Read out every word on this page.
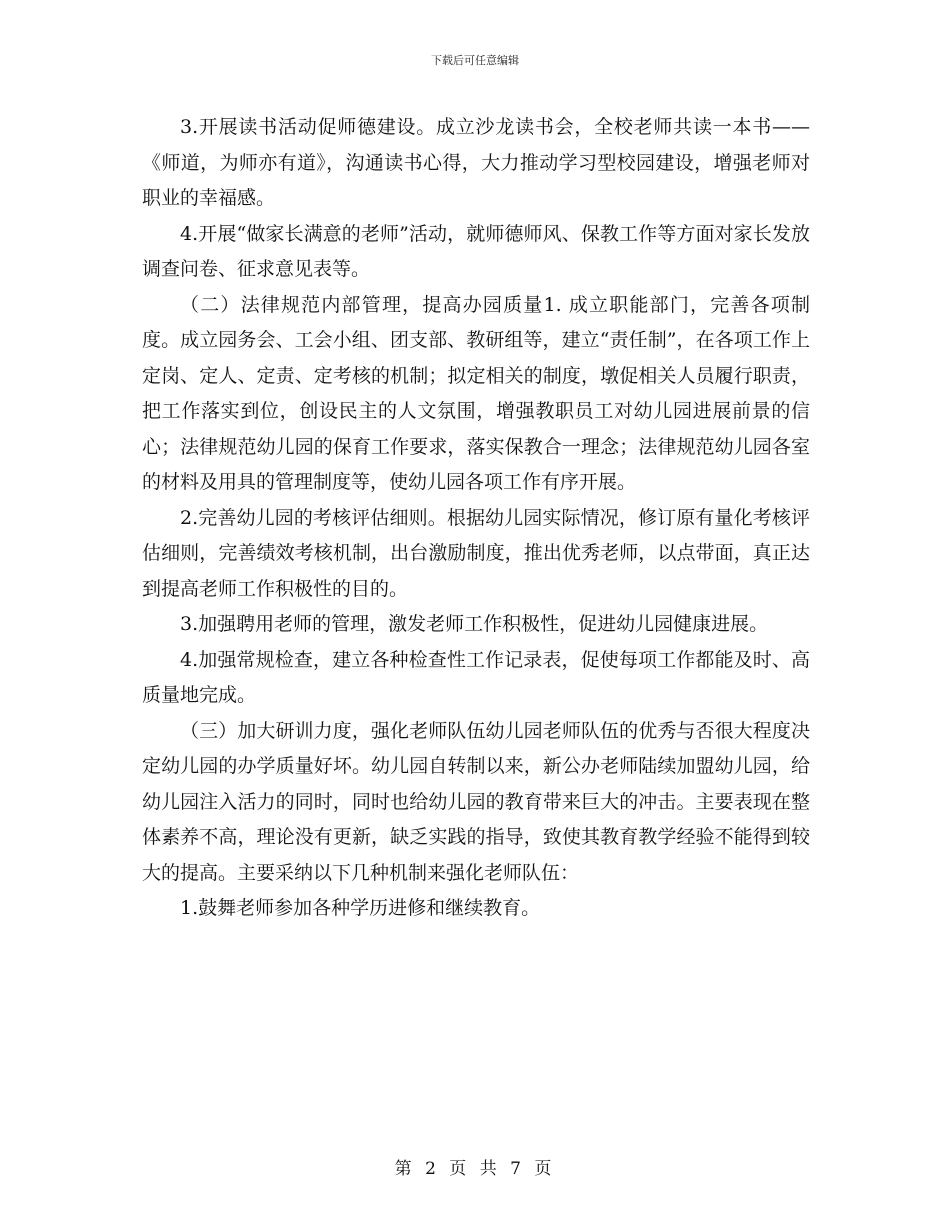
下载后可任意编辑

3.开展读书活动促师德建设。成立沙龙读书会，全校老师共读一本书——《师道，为师亦有道》，沟通读书心得，大力推动学习型校园建设，增强老师对职业的幸福感。

4.开展“做家长满意的老师”活动，就师德师风、保教工作等方面对家长发放调查问卷、征求意见表等。

（二）法律规范内部管理，提高办园质量1. 成立职能部门，完善各项制度。成立园务会、工会小组、团支部、教研组等，建立“责任制”，在各项工作上定岗、定人、定责、定考核的机制；拟定相关的制度，墩促相关人员履行职责，把工作落实到位，创设民主的人文氛围，增强教职员工对幼儿园进展前景的信心；法律规范幼儿园的保育工作要求，落实保教合一理念；法律规范幼儿园各室的材料及用具的管理制度等，使幼儿园各项工作有序开展。

2.完善幼儿园的考核评估细则。根据幼儿园实际情况，修订原有量化考核评估细则，完善绩效考核机制，出台激励制度，推出优秀老师，以点带面，真正达到提高老师工作积极性的目的。

3.加强聘用老师的管理，激发老师工作积极性，促进幼儿园健康进展。

4.加强常规检查，建立各种检查性工作记录表，促使每项工作都能及时、高质量地完成。

（三）加大研训力度，强化老师队伍幼儿园老师队伍的优秀与否很大程度决定幼儿园的办学质量好坏。幼儿园自转制以来，新公办老师陆续加盟幼儿园，给幼儿园注入活力的同时，同时也给幼儿园的教育带来巨大的冲击。主要表现在整体素养不高，理论没有更新，缺乏实践的指导，致使其教育教学经验不能得到较大的提高。主要采纳以下几种机制来强化老师队伍：

1.鼓舞老师参加各种学历进修和继续教育。

第 2 页 共 7 页
